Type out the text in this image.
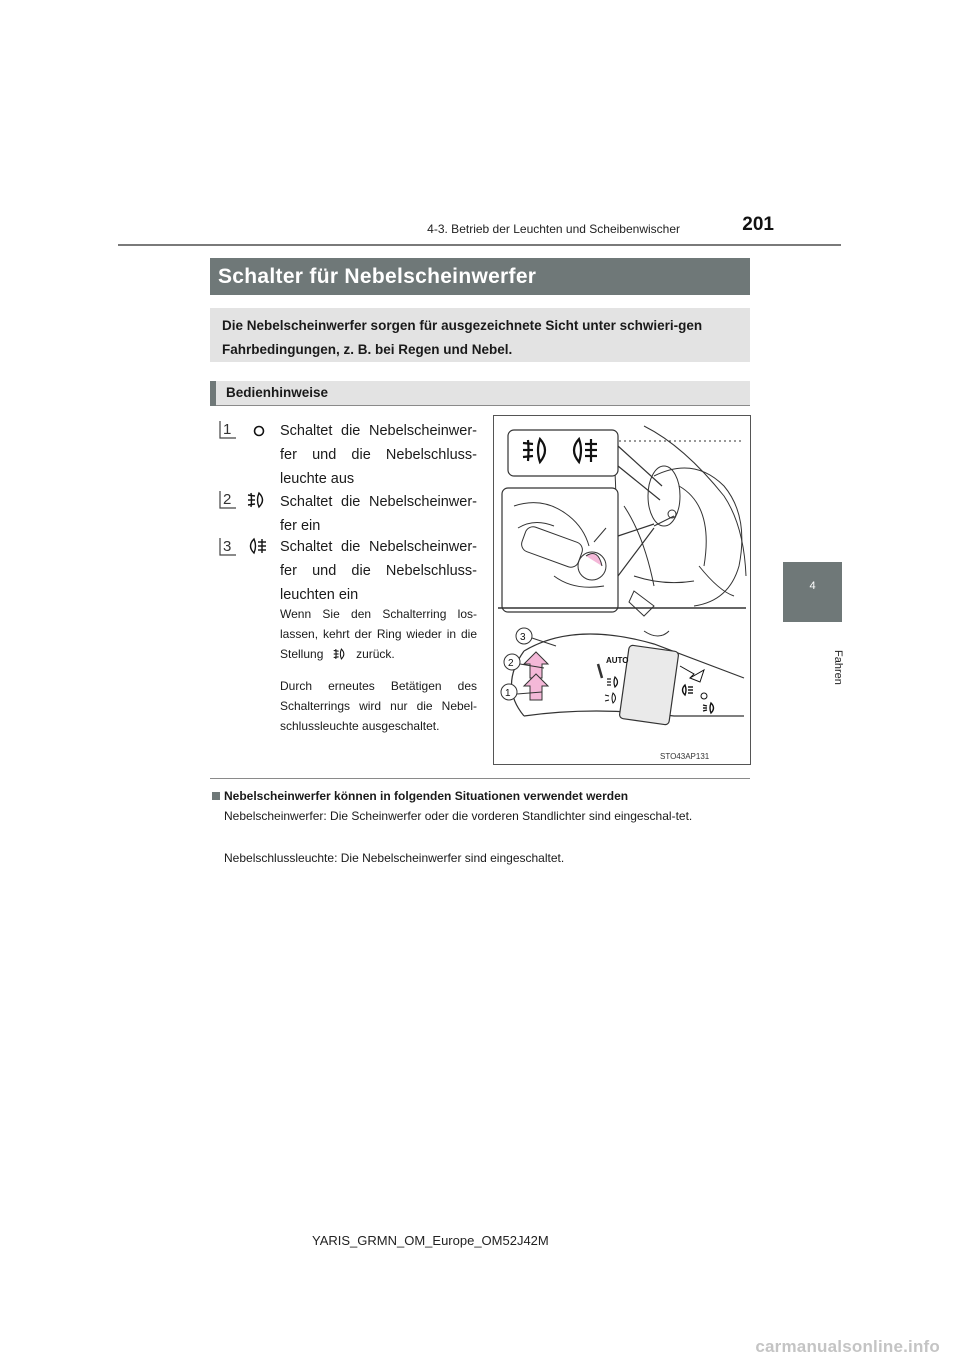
4-3. Betrieb der Leuchten und Scheibenwischer	201
4
Fahren
Schalter für Nebelscheinwerfer

Die Nebelscheinwerfer sorgen für ausgezeichnete Sicht unter schwieri-gen Fahrbedingungen, z. B. bei Regen und Nebel.

Bedienhinweise
1	Schaltet die Nebelscheinwer-fer und die Nebelschluss-leuchte aus
2	Schaltet die Nebelscheinwer-fer ein
3	Schaltet die Nebelscheinwer-fer und die Nebelschluss-leuchten ein
Wenn Sie den Schalterring los-lassen, kehrt der Ring wieder in die Stellung	zurück.
Durch erneutes Betätigen des Schalterrings wird nur die Nebel-schlussleuchte ausgeschaltet.
AUTO
3
2
1
STO43AP131
Nebelscheinwerfer können in folgenden Situationen verwendet werden
Nebelscheinwerfer: Die Scheinwerfer oder die vorderen Standlichter sind eingeschal-tet.
Nebelschlussleuchte: Die Nebelscheinwerfer sind eingeschaltet.
YARIS_GRMN_OM_Europe_OM52J42M
carmanualsonline.info
